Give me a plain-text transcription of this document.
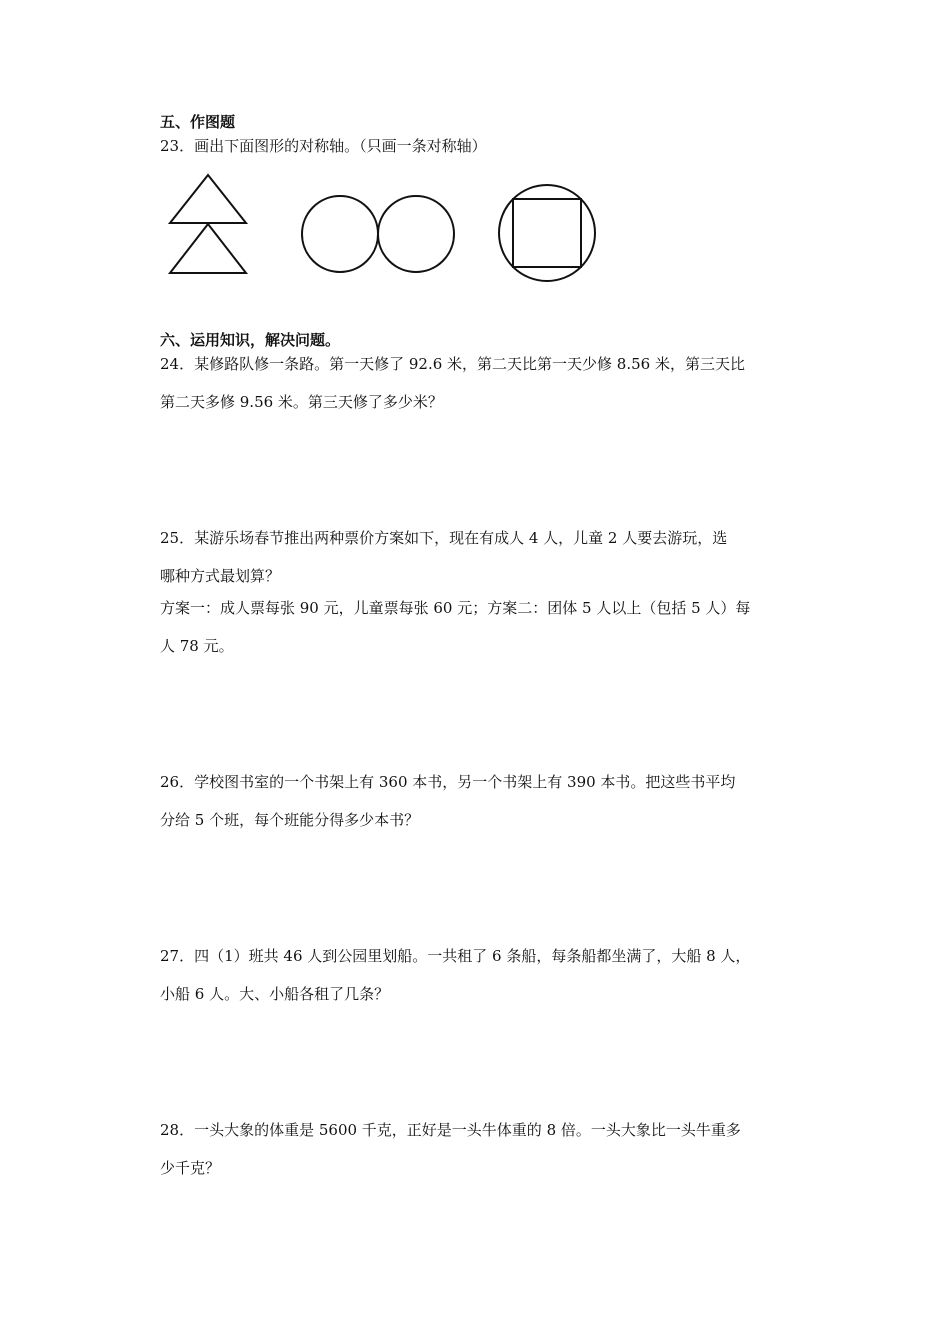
五、作图题
23．画出下面图形的对称轴。（只画一条对称轴）
六、运用知识，解决问题。
24．某修路队修一条路。第一天修了 92.6 米，第二天比第一天少修 8.56 米，第三天比
第二天多修 9.56 米。第三天修了多少米？
25．某游乐场春节推出两种票价方案如下，现在有成人 4 人，儿童 2 人要去游玩，选
哪种方式最划算？
方案一：成人票每张 90 元，儿童票每张 60 元；方案二：团体 5 人以上（包括 5 人）每
人 78 元。
26．学校图书室的一个书架上有 360 本书，另一个书架上有 390 本书。把这些书平均
分给 5 个班，每个班能分得多少本书？
27．四（1）班共 46 人到公园里划船。一共租了 6 条船，每条船都坐满了，大船 8 人，
小船 6 人。大、小船各租了几条？
28．一头大象的体重是 5600 千克，正好是一头牛体重的 8 倍。一头大象比一头牛重多
少千克？
